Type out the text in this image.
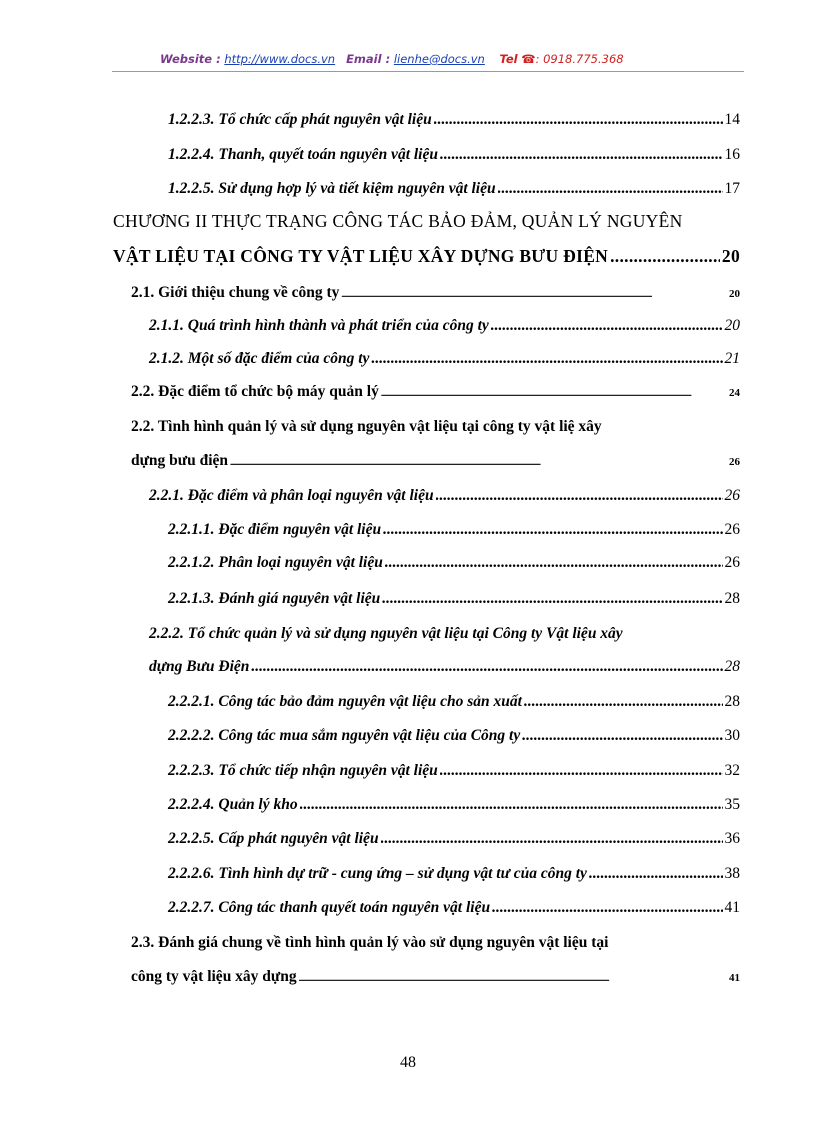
Website : http://www.docs.vn Email : lienhe@docs.vn Tel ☎: 0918.775.368
1.2.2.3. Tổ chức cấp phát nguyên vật liệu .....	14
1.2.2.4. Thanh, quyết toán nguyên vật liệu .....	16
1.2.2.5. Sử dụng hợp lý và tiết kiệm nguyên vật liệu .....	17
CHƯƠNG II THỰC TRẠNG CÔNG TÁC BẢO ĐẢM, QUẢN LÝ NGUYÊN
VẬT LIỆU TẠI CÔNG TY VẬT LIỆU XÂY DỰNG BƯU ĐIỆN .....	20
2.1. Giới thiệu chung về công ty .....	20
2.1.1. Quá trình hình thành và phát triển của công ty .....	20
2.1.2. Một số đặc điểm của công ty .....	21
2.2. Đặc điểm tổ chức bộ máy quản lý .....	24
2.2. Tình hình quản lý và sử dụng nguyên vật liệu tại công ty vật liệ xây
dựng bưu điện .....	26
2.2.1. Đặc điểm và phân loại nguyên vật liệu .....	26
2.2.1.1. Đặc điểm nguyên vật liệu .....	26
2.2.1.2. Phân loại nguyên vật liệu .....	26
2.2.1.3. Đánh giá nguyên vật liệu .....	28
2.2.2. Tổ chức quản lý và sử dụng nguyên vật liệu tại Công ty Vật liệu xây
dựng Bưu Điện .....	28
2.2.2.1. Công tác bảo đảm nguyên vật liệu cho sản xuất .....	28
2.2.2.2. Công tác mua sắm nguyên vật liệu của Công ty .....	30
2.2.2.3. Tổ chức tiếp nhận nguyên vật liệu .....	32
2.2.2.4. Quản lý kho .....	35
2.2.2.5. Cấp phát nguyên vật liệu .....	36
2.2.2.6. Tình hình dự trữ - cung ứng – sử dụng vật tư của công ty .....	38
2.2.2.7. Công tác thanh quyết toán nguyên vật liệu .....	41
2.3. Đánh giá chung về tình hình quản lý vào sử dụng nguyên vật liệu tại
công ty vật liệu xây dựng .....	41
48
